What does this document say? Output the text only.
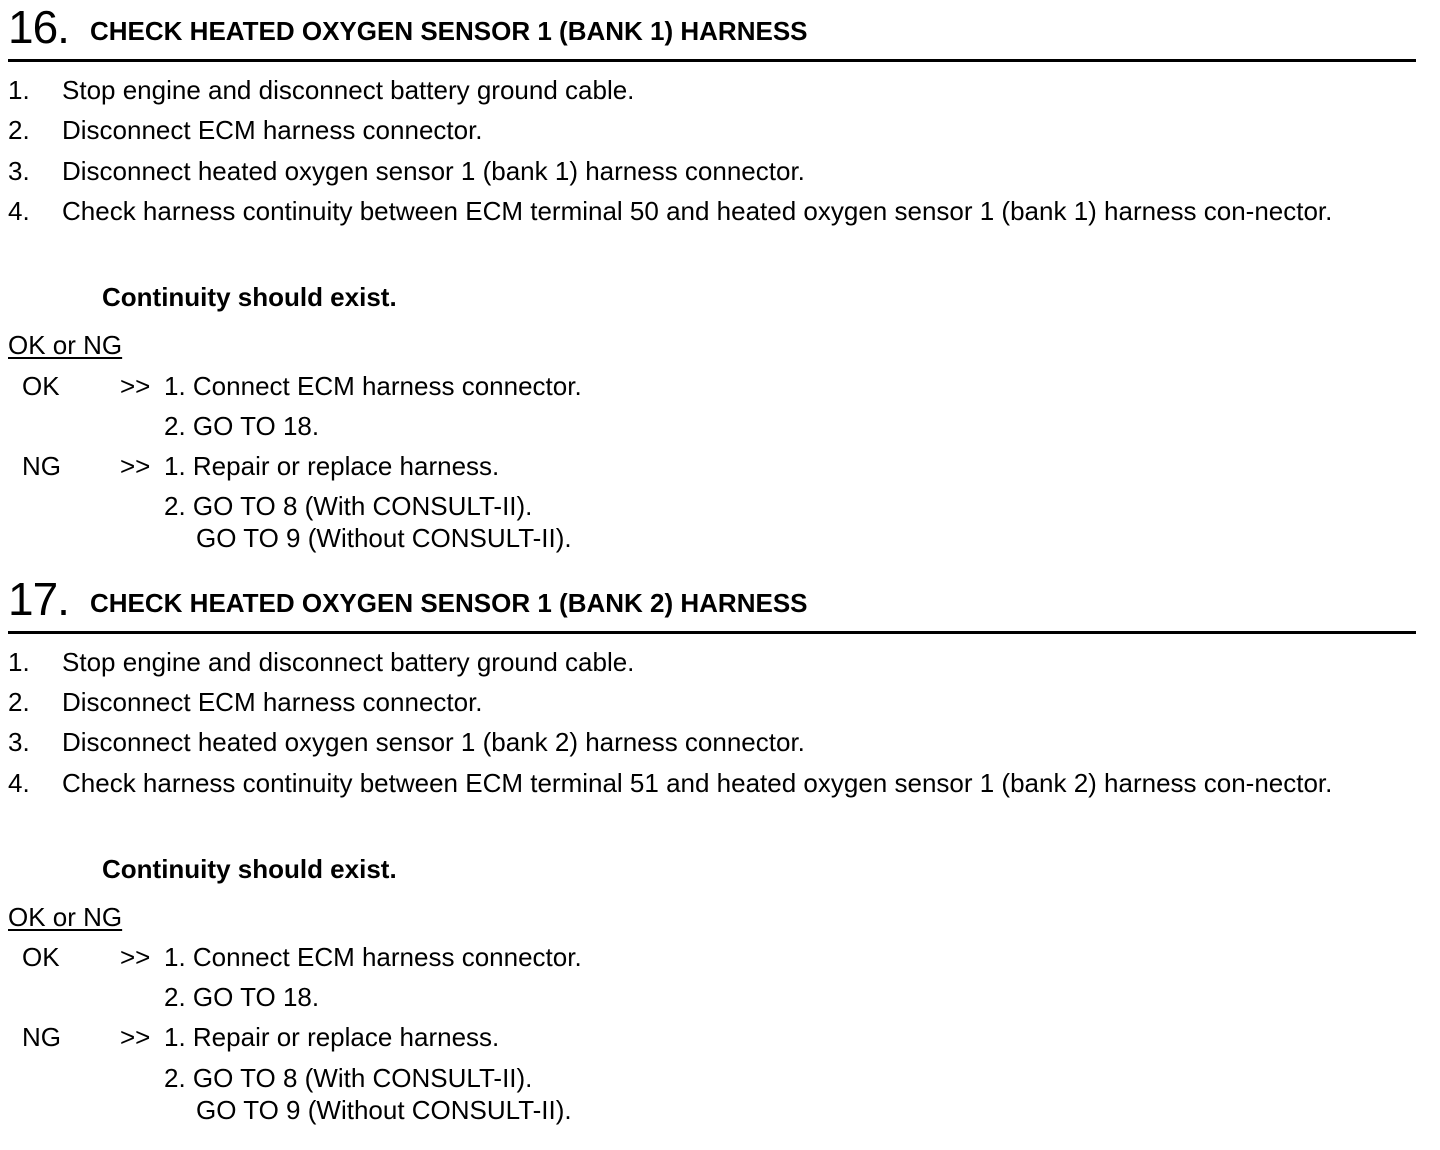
16. CHECK HEATED OXYGEN SENSOR 1 (BANK 1) HARNESS
1. Stop engine and disconnect battery ground cable.
2. Disconnect ECM harness connector.
3. Disconnect heated oxygen sensor 1 (bank 1) harness connector.
4. Check harness continuity between ECM terminal 50 and heated oxygen sensor 1 (bank 1) harness con-nector.
Continuity should exist.
OK or NG
OK >> 1. Connect ECM harness connector.
2. GO TO 18.
NG >> 1. Repair or replace harness.
2. GO TO 8 (With CONSULT-II).
GO TO 9 (Without CONSULT-II).
17. CHECK HEATED OXYGEN SENSOR 1 (BANK 2) HARNESS
1. Stop engine and disconnect battery ground cable.
2. Disconnect ECM harness connector.
3. Disconnect heated oxygen sensor 1 (bank 2) harness connector.
4. Check harness continuity between ECM terminal 51 and heated oxygen sensor 1 (bank 2) harness con-nector.
Continuity should exist.
OK or NG
OK >> 1. Connect ECM harness connector.
2. GO TO 18.
NG >> 1. Repair or replace harness.
2. GO TO 8 (With CONSULT-II).
GO TO 9 (Without CONSULT-II).
